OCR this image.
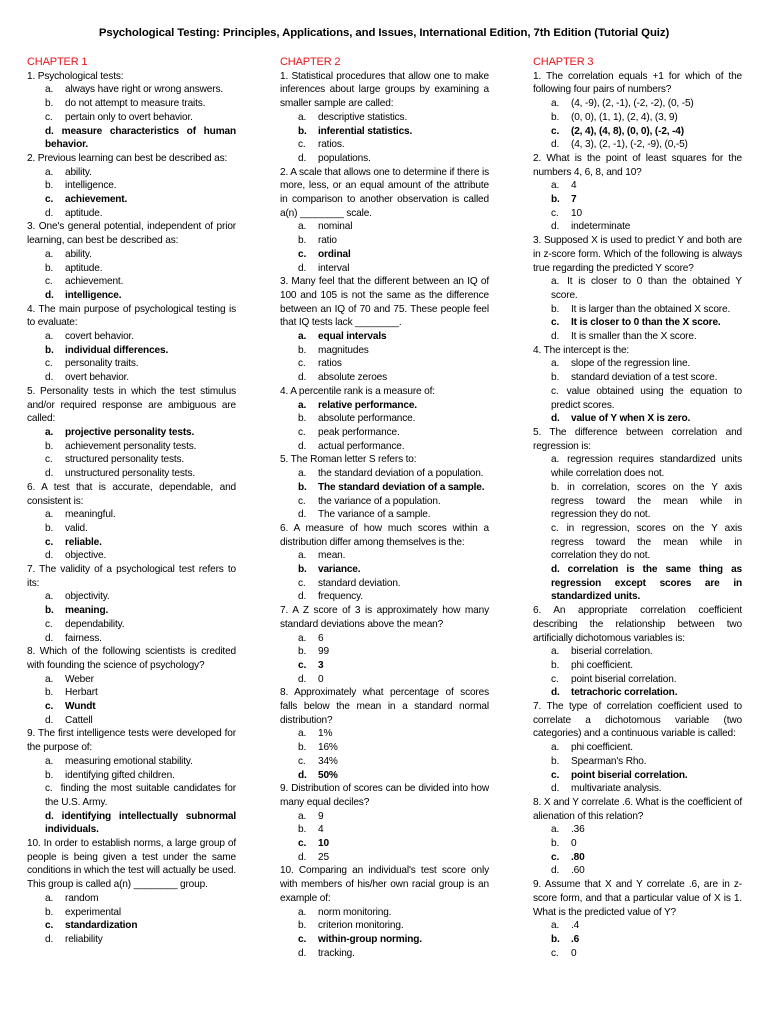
Psychological Testing: Principles, Applications, and Issues, International Edition, 7th Edition (Tutorial Quiz)
CHAPTER 1
1. Psychological tests:
a.	always have right or wrong answers.
b.	do not attempt to measure traits.
c.	pertain only to overt behavior.
d. measure characteristics of human behavior.
2. Previous learning can best be described as:
a.	ability.
b.	intelligence.
c.	achievement.
d.	aptitude.
3. One's general potential, independent of prior learning, can best be described as:
a.	ability.
b.	aptitude.
c.	achievement.
d.	intelligence.
4. The main purpose of psychological testing is to evaluate:
a.	covert behavior.
b.	individual differences.
c.	personality traits.
d.	overt behavior.
5. Personality tests in which the test stimulus and/or required response are ambiguous are called:
a.	projective personality tests.
b.	achievement personality tests.
c.	structured personality tests.
d.	unstructured personality tests.
6. A test that is accurate, dependable, and consistent is:
a.	meaningful.
b.	valid.
c.	reliable.
d.	objective.
7. The validity of a psychological test refers to its:
a.	objectivity.
b.	meaning.
c.	dependability.
d.	fairness.
8. Which of the following scientists is credited with founding the science of psychology?
a.	Weber
b.	Herbart
c.	Wundt
d.	Cattell
9. The first intelligence tests were developed for the purpose of:
a.	measuring emotional stability.
b.	identifying gifted children.
c. finding the most suitable candidates for the U.S. Army.
d. identifying intellectually subnormal individuals.
10. In order to establish norms, a large group of people is being given a test under the same conditions in which the test will actually be used. This group is called a(n) ________ group.
a.	random
b.	experimental
c.	standardization
d.	reliability
CHAPTER 2
1. Statistical procedures that allow one to make inferences about large groups by examining a smaller sample are called:
a.	descriptive statistics.
b.	inferential statistics.
c.	ratios.
d.	populations.
2. A scale that allows one to determine if there is more, less, or an equal amount of the attribute in comparison to another observation is called a(n) ________ scale.
a.	nominal
b.	ratio
c.	ordinal
d.	interval
3. Many feel that the different between an IQ of 100 and 105 is not the same as the difference between an IQ of 70 and 75. These people feel that IQ tests lack ________.
a.	equal intervals
b.	magnitudes
c.	ratios
d.	absolute zeroes
4. A percentile rank is a measure of:
a.	relative performance.
b.	absolute performance.
c.	peak performance.
d.	actual performance.
5. The Roman letter S refers to:
a.	the standard deviation of a population.
b.	The standard deviation of a sample.
c.	the variance of a population.
d.	The variance of a sample.
6. A measure of how much scores within a distribution differ among themselves is the:
a.	mean.
b.	variance.
c.	standard deviation.
d.	frequency.
7. A Z score of 3 is approximately how many standard deviations above the mean?
a.	6
b.	99
c.	3
d.	0
8. Approximately what percentage of scores falls below the mean in a standard normal distribution?
a.	1%
b.	16%
c.	34%
d.	50%
9. Distribution of scores can be divided into how many equal deciles?
a.	9
b.	4
c.	10
d.	25
10. Comparing an individual's test score only with members of his/her own racial group is an example of:
a.	norm monitoring.
b.	criterion monitoring.
c.	within-group norming.
d.	tracking.
CHAPTER 3
1. The correlation equals +1 for which of the following four pairs of numbers?
a.	(4, -9), (2, -1), (-2, -2), (0, -5)
b.	(0, 0), (1, 1), (2, 4), (3, 9)
c.	(2, 4), (4, 8), (0, 0), (-2, -4)
d.	(4, 3), (2, -1), (-2, -9), (0,-5)
2. What is the point of least squares for the numbers 4, 6, 8, and 10?
a.	4
b.	7
c.	10
d.	indeterminate
3. Supposed X is used to predict Y and both are in z-score form. Which of the following is always true regarding the predicted Y score?
a. It is closer to 0 than the obtained Y score.
b.	It is larger than the obtained X score.
c.	It is closer to 0 than the X score.
d.	It is smaller than the X score.
4. The intercept is the:
a.	slope of the regression line.
b.	standard deviation of a test score.
c. value obtained using the equation to predict scores.
d.	value of Y when X is zero.
5. The difference between correlation and regression is:
a. regression requires standardized units while correlation does not.
b. in correlation, scores on the Y axis regress toward the mean while in regression they do not.
c. in regression, scores on the Y axis regress toward the mean while in correlation they do not.
d. correlation is the same thing as regression except scores are in standardized units.
6. An appropriate correlation coefficient describing the relationship between two artificially dichotomous variables is:
a.	biserial correlation.
b.	phi coefficient.
c.	point biserial correlation.
d.	tetrachoric correlation.
7. The type of correlation coefficient used to correlate a dichotomous variable (two categories) and a continuous variable is called:
a.	phi coefficient.
b.	Spearman's Rho.
c.	point biserial correlation.
d.	multivariate analysis.
8. X and Y correlate .6. What is the coefficient of alienation of this relation?
a.	.36
b.	0
c.	.80
d.	.60
9. Assume that X and Y correlate .6, are in z-score form, and that a particular value of X is 1. What is the predicted value of Y?
a.	.4
b.	.6
c.	0
